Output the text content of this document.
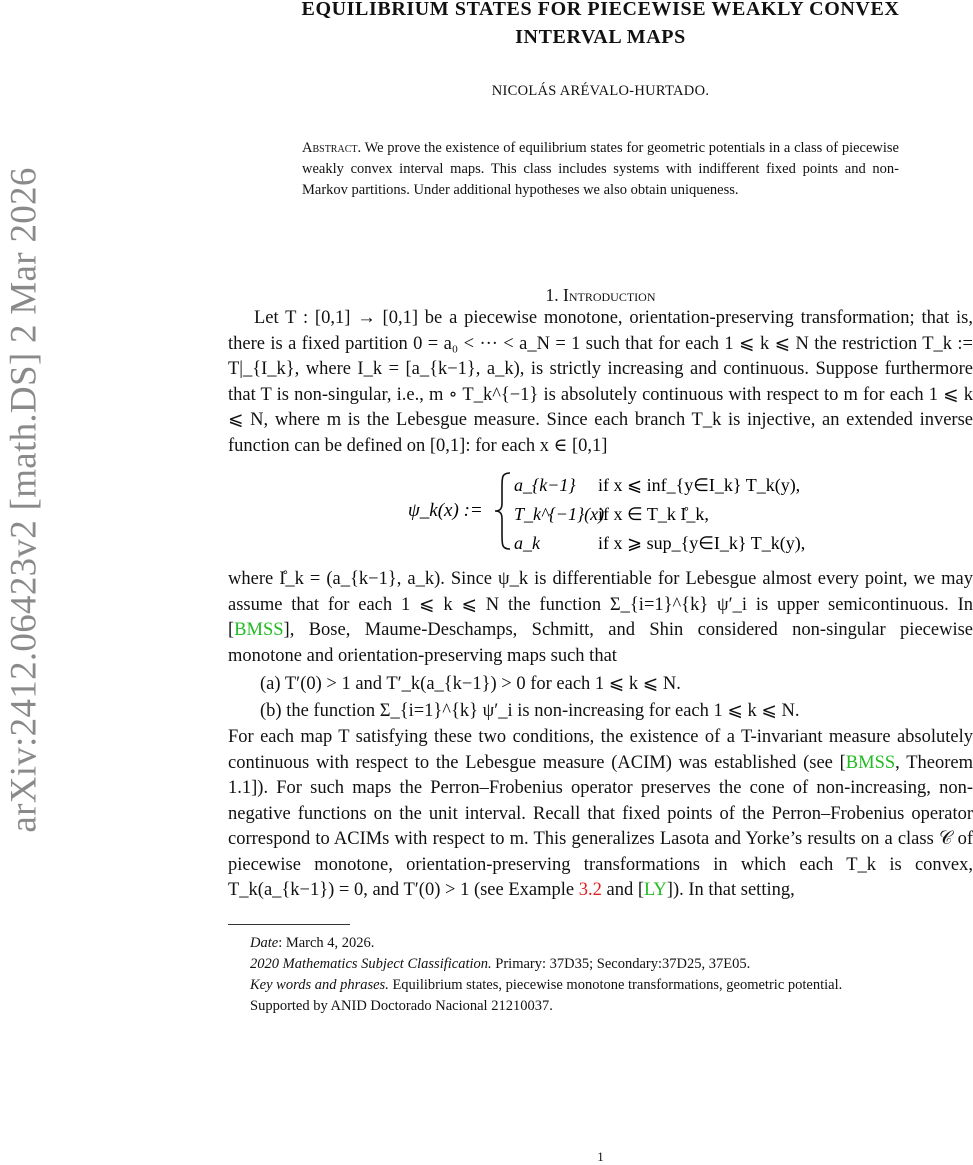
arXiv:2412.06423v2 [math.DS] 2 Mar 2026
EQUILIBRIUM STATES FOR PIECEWISE WEAKLY CONVEX
INTERVAL MAPS
NICOLÁS ARÉVALO-HURTADO.
Abstract. We prove the existence of equilibrium states for geometric potentials in a class of piecewise weakly convex interval maps. This class includes systems with indifferent fixed points and non-Markov partitions. Under additional hypotheses we also obtain uniqueness.
1. Introduction

Let T : [0,1] → [0,1] be a piecewise monotone, orientation-preserving transformation; that is, there is a fixed partition 0 = a₀ < ··· < a_N = 1 such that for each 1 ⩽ k ⩽ N the restriction T_k := T|_{I_k}, where I_k = [a_{k−1}, a_k), is strictly increasing and continuous. Suppose furthermore that T is non-singular, i.e., m ∘ T_k^{−1} is absolutely continuous with respect to m for each 1 ⩽ k ⩽ N, where m is the Lebesgue measure. Since each branch T_k is injective, an extended inverse function can be defined on [0,1]: for each x ∈ [0,1]

ψ_k(x) :=
a_{k−1} if x ⩽ inf_{y∈I_k} T_k(y),
T_k^{−1}(x)
if x ∈ T_k I̊_k,
a_k	if x ⩾ sup_{y∈I_k} T_k(y),

where I̊_k = (a_{k−1}, a_k). Since ψ_k is differentiable for Lebesgue almost every point, we may assume that for each 1 ⩽ k ⩽ N the function Σ_{i=1}^{k} ψ′_i is upper semicontinuous. In [BMSS], Bose, Maume-Deschamps, Schmitt, and Shin considered non-singular piecewise monotone and orientation-preserving maps such that

(a) T′(0) > 1 and T′_k(a_{k−1}) > 0 for each 1 ⩽ k ⩽ N.
(b) the function Σ_{i=1}^{k} ψ′_i is non-increasing for each 1 ⩽ k ⩽ N.

For each map T satisfying these two conditions, the existence of a T-invariant measure absolutely continuous with respect to the Lebesgue measure (ACIM) was established (see [BMSS, Theorem 1.1]). For such maps the Perron–Frobenius operator preserves the cone of non-increasing, non-negative functions on the unit interval. Recall that fixed points of the Perron–Frobenius operator correspond to ACIMs with respect to m. This generalizes Lasota and Yorke’s results on a class 𝒞 of piecewise monotone, orientation-preserving transformations in which each T_k is convex, T_k(a_{k−1}) = 0, and T′(0) > 1 (see Example 3.2 and [LY]). In that setting,

Date: March 4, 2026.

2020 Mathematics Subject Classification. Primary: 37D35; Secondary:37D25, 37E05.

Key words and phrases. Equilibrium states, piecewise monotone transformations, geometric potential.

Supported by ANID Doctorado Nacional 21210037.

1
